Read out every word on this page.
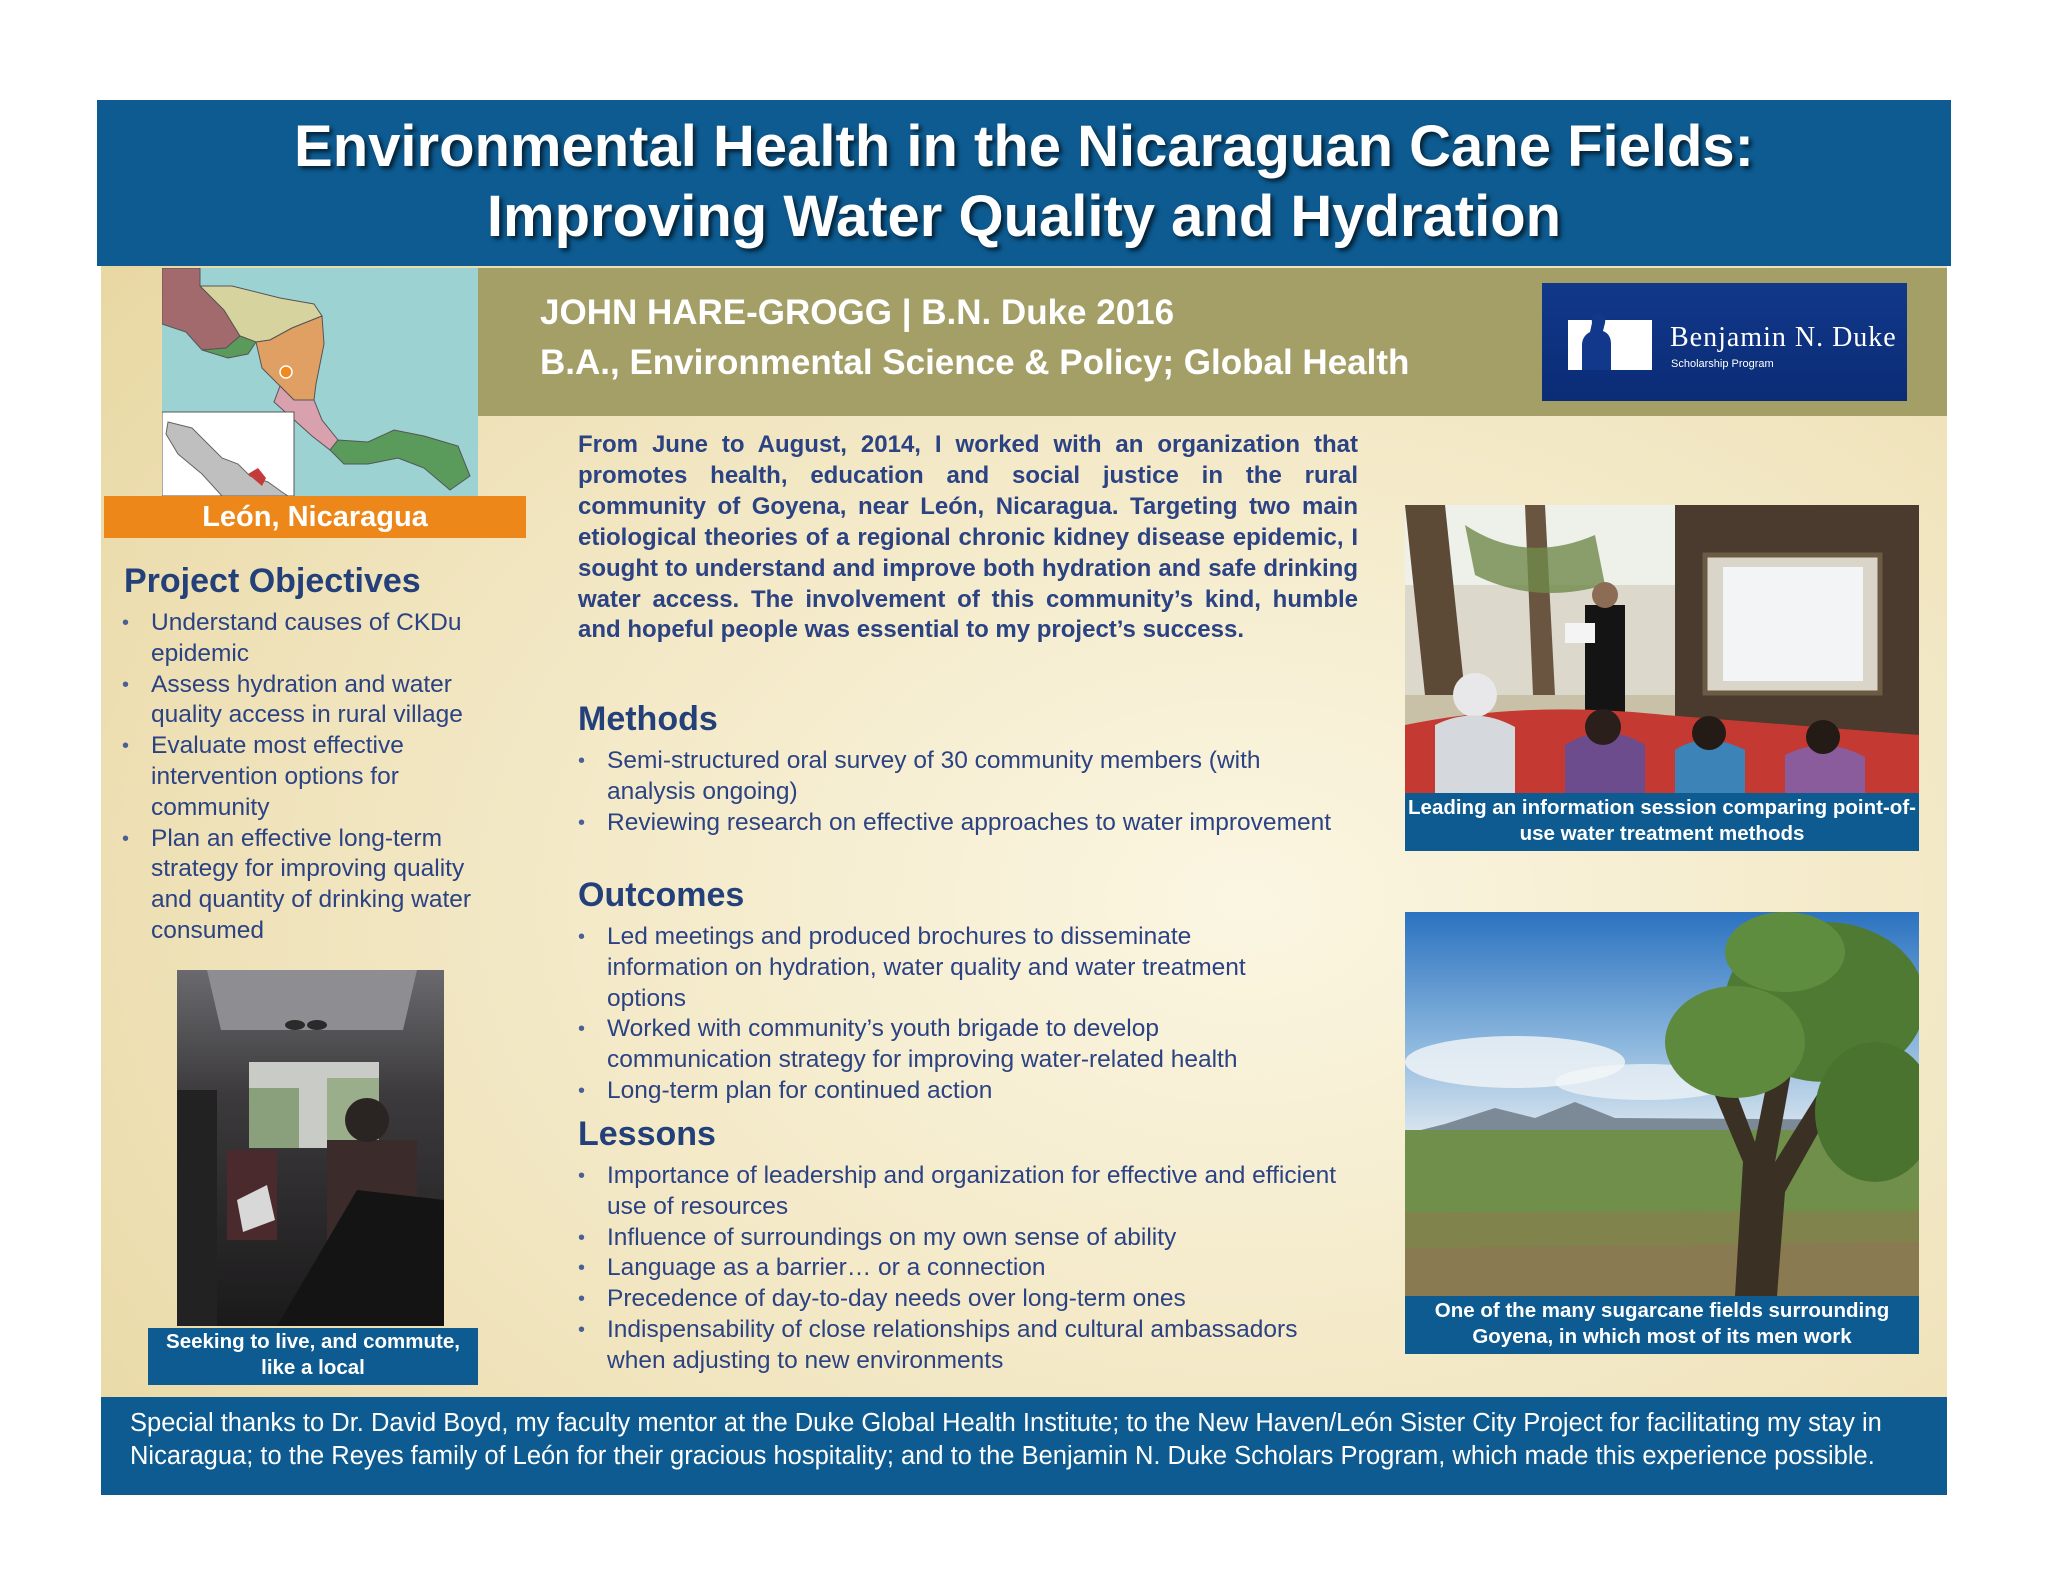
Environmental Health in the Nicaraguan Cane Fields:
Improving Water Quality and Hydration
JOHN HARE-GROGG | B.N. Duke 2016
B.A., Environmental Science & Policy; Global Health
Benjamin N. Duke
Scholarship Program
León, Nicaragua
Project Objectives
• Understand causes of CKDu epidemic
• Assess hydration and water quality access in rural village
• Evaluate most effective intervention options for community
• Plan an effective long-term strategy for improving quality and quantity of drinking water consumed
Seeking to live, and commute, like a local
From June to August, 2014, I worked with an organization that promotes health, education and social justice in the rural community of Goyena, near León, Nicaragua. Targeting two main etiological theories of a regional chronic kidney disease epidemic, I sought to understand and improve both hydration and safe drinking water access. The involvement of this community’s kind, humble and hopeful people was essential to my project’s success.
Methods
• Semi-structured oral survey of 30 community members (with analysis ongoing)
• Reviewing research on effective approaches to water improvement
Outcomes
• Led meetings and produced brochures to disseminate information on hydration, water quality and water treatment options
• Worked with community’s youth brigade to develop communication strategy for improving water-related health
• Long-term plan for continued action
Lessons
• Importance of leadership and organization for effective and efficient use of resources
• Influence of surroundings on my own sense of ability
• Language as a barrier… or a connection
• Precedence of day-to-day needs over long-term ones
• Indispensability of close relationships and cultural ambassadors when adjusting to new environments
Leading an information session comparing point-of-use water treatment methods
One of the many sugarcane fields surrounding Goyena, in which most of its men work
Special thanks to Dr. David Boyd, my faculty mentor at the Duke Global Health Institute; to the New Haven/León Sister City Project for facilitating my stay in Nicaragua; to the Reyes family of León for their gracious hospitality; and to the Benjamin N. Duke Scholars Program, which made this experience possible.
